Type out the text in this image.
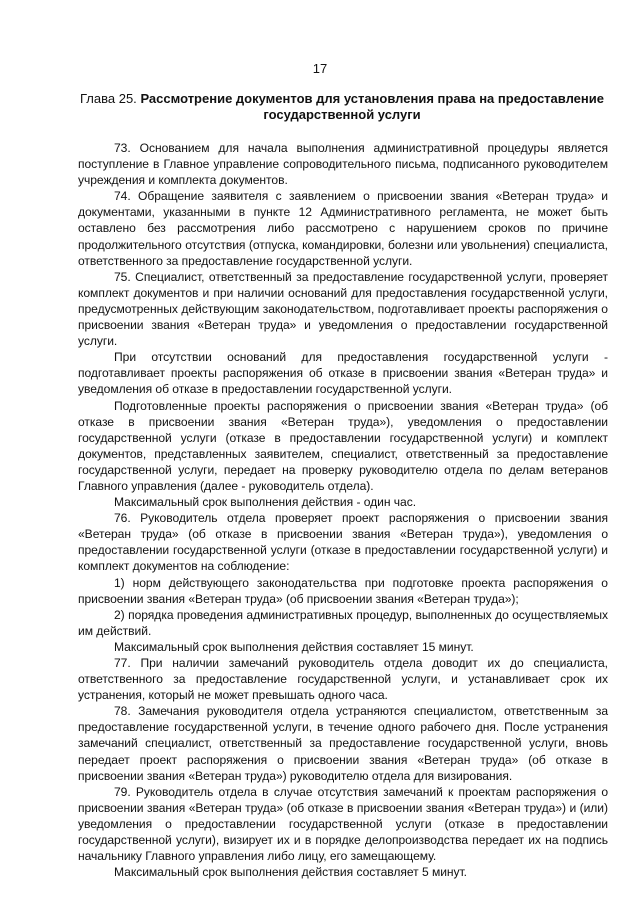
17
Глава 25. Рассмотрение документов для установления права на предоставление государственной услуги

73. Основанием для начала выполнения административной процедуры является поступление в Главное управление сопроводительного письма, подписанного руководителем учреждения и комплекта документов.

74. Обращение заявителя с заявлением о присвоении звания «Ветеран труда» и документами, указанными в пункте 12 Административного регламента, не может быть оставлено без рассмотрения либо рассмотрено с нарушением сроков по причине продолжительного отсутствия (отпуска, командировки, болезни или увольнения) специалиста, ответственного за предоставление государственной услуги.

75. Специалист, ответственный за предоставление государственной услуги, проверяет комплект документов и при наличии оснований для предоставления государственной услуги, предусмотренных действующим законодательством, подготавливает проекты распоряжения о присвоении звания «Ветеран труда» и уведомления о предоставлении государственной услуги.

При отсутствии оснований для предоставления государственной услуги - подготавливает проекты распоряжения об отказе в присвоении звания «Ветеран труда» и уведомления об отказе в предоставлении государственной услуги.

Подготовленные проекты распоряжения о присвоении звания «Ветеран труда» (об отказе в присвоении звания «Ветеран труда»), уведомления о предоставлении государственной услуги (отказе в предоставлении государственной услуги) и комплект документов, представленных заявителем, специалист, ответственный за предоставление государственной услуги, передает на проверку руководителю отдела по делам ветеранов Главного управления (далее - руководитель отдела).

Максимальный срок выполнения действия - один час.

76. Руководитель отдела проверяет проект распоряжения о присвоении звания «Ветеран труда» (об отказе в присвоении звания «Ветеран труда»), уведомления о предоставлении государственной услуги (отказе в предоставлении государственной услуги) и комплект документов на соблюдение:

1) норм действующего законодательства при подготовке проекта распоряжения о присвоении звания «Ветеран труда» (об присвоении звания «Ветеран труда»);

2) порядка проведения административных процедур, выполненных до осуществляемых им действий.

Максимальный срок выполнения действия составляет 15 минут.

77. При наличии замечаний руководитель отдела доводит их до специалиста, ответственного за предоставление государственной услуги, и устанавливает срок их устранения, который не может превышать одного часа.

78. Замечания руководителя отдела устраняются специалистом, ответственным за предоставление государственной услуги, в течение одного рабочего дня. После устранения замечаний специалист, ответственный за предоставление государственной услуги, вновь передает проект распоряжения о присвоении звания «Ветеран труда» (об отказе в присвоении звания «Ветеран труда») руководителю отдела для визирования.

79. Руководитель отдела в случае отсутствия замечаний к проектам распоряжения о присвоении звания «Ветеран труда» (об отказе в присвоении звания «Ветеран труда») и (или) уведомления о предоставлении государственной услуги (отказе в предоставлении государственной услуги), визирует их и в порядке делопроизводства передает их на подпись начальнику Главного управления либо лицу, его замещающему.

Максимальный срок выполнения действия составляет 5 минут.
